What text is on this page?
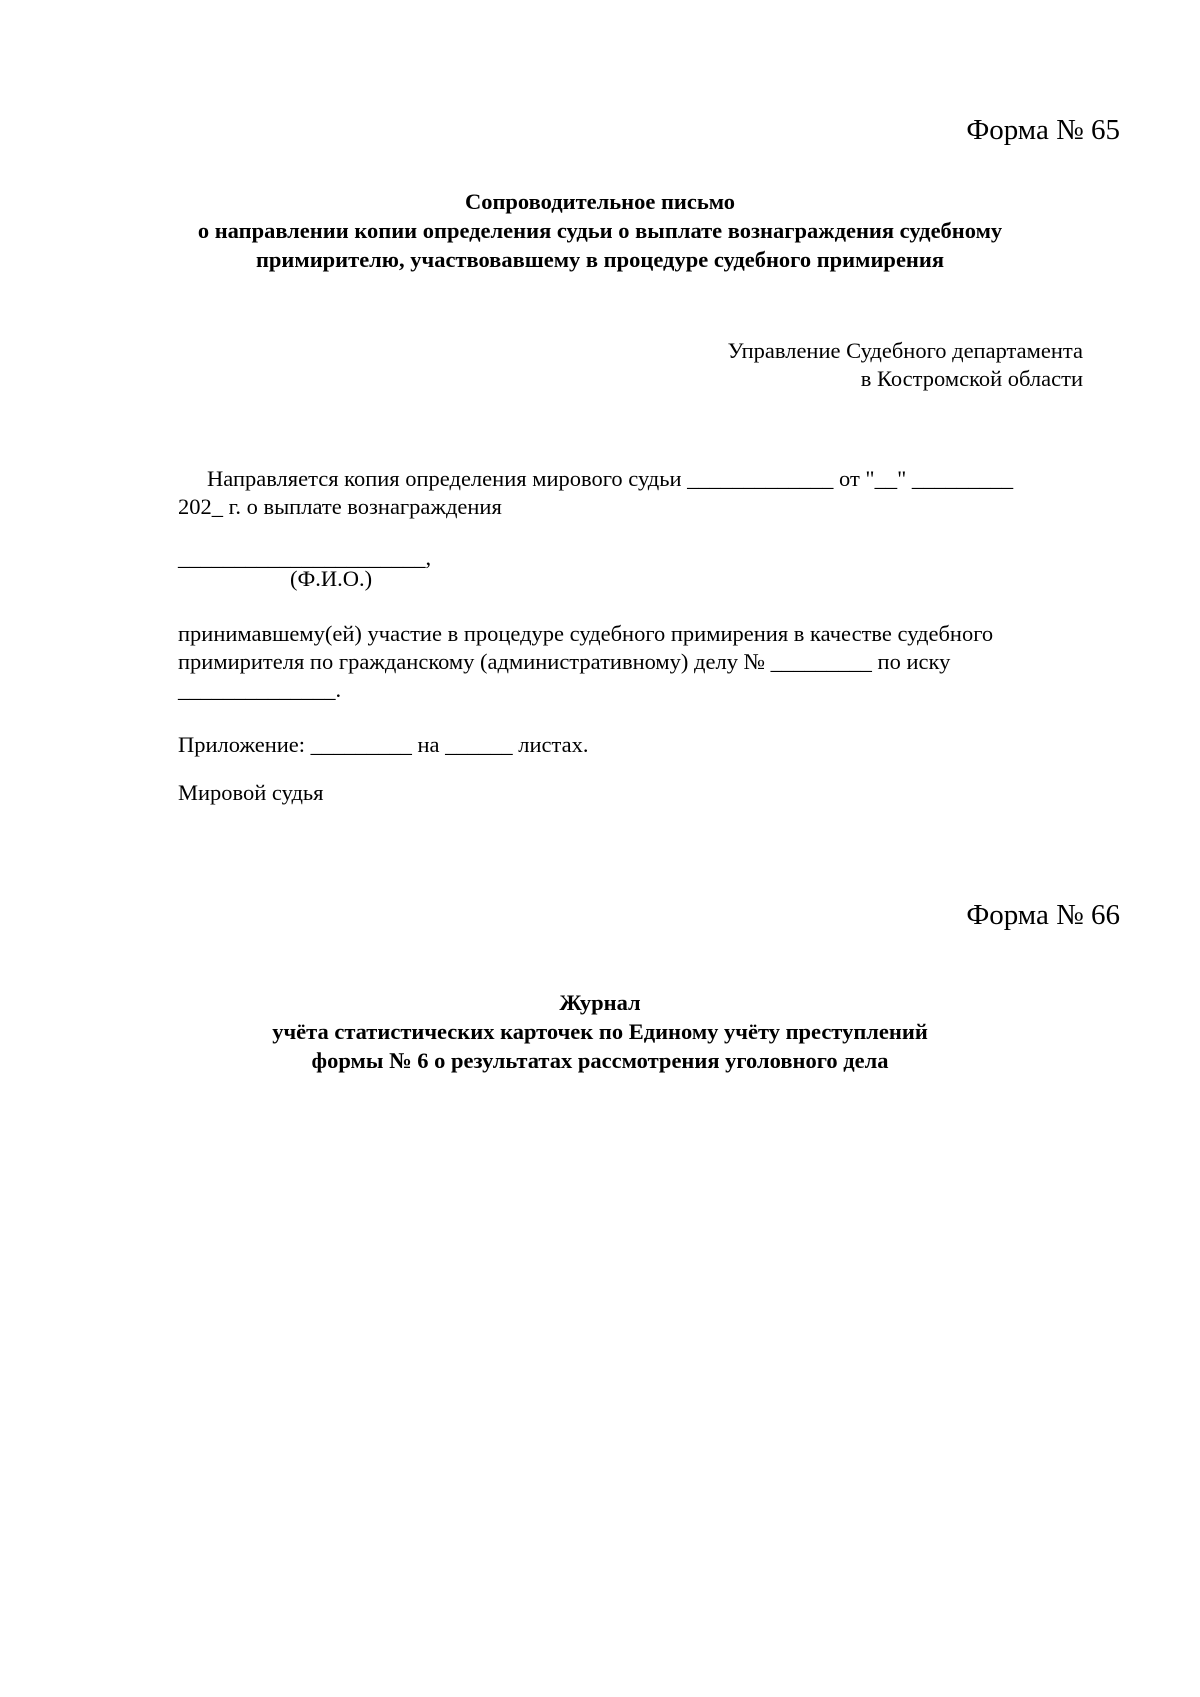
Форма № 65
Сопроводительное письмо
о направлении копии определения судьи о выплате вознаграждения судебному
примирителю, участвовавшему в процедуре судебного примирения
Управление Судебного департамента
в Костромской области
Направляется копия определения мирового судьи _____________ от "__" _________
202_ г. о выплате вознаграждения
______________________,
(Ф.И.О.)
принимавшему(ей) участие в процедуре судебного примирения в качестве судебного
примирителя по гражданскому (административному) делу № _________ по иску
______________.
Приложение: _________ на ______ листах.
Мировой судья
Форма № 66
Журнал
учёта статистических карточек по Единому учёту преступлений
формы № 6 о результатах рассмотрения уголовного дела
